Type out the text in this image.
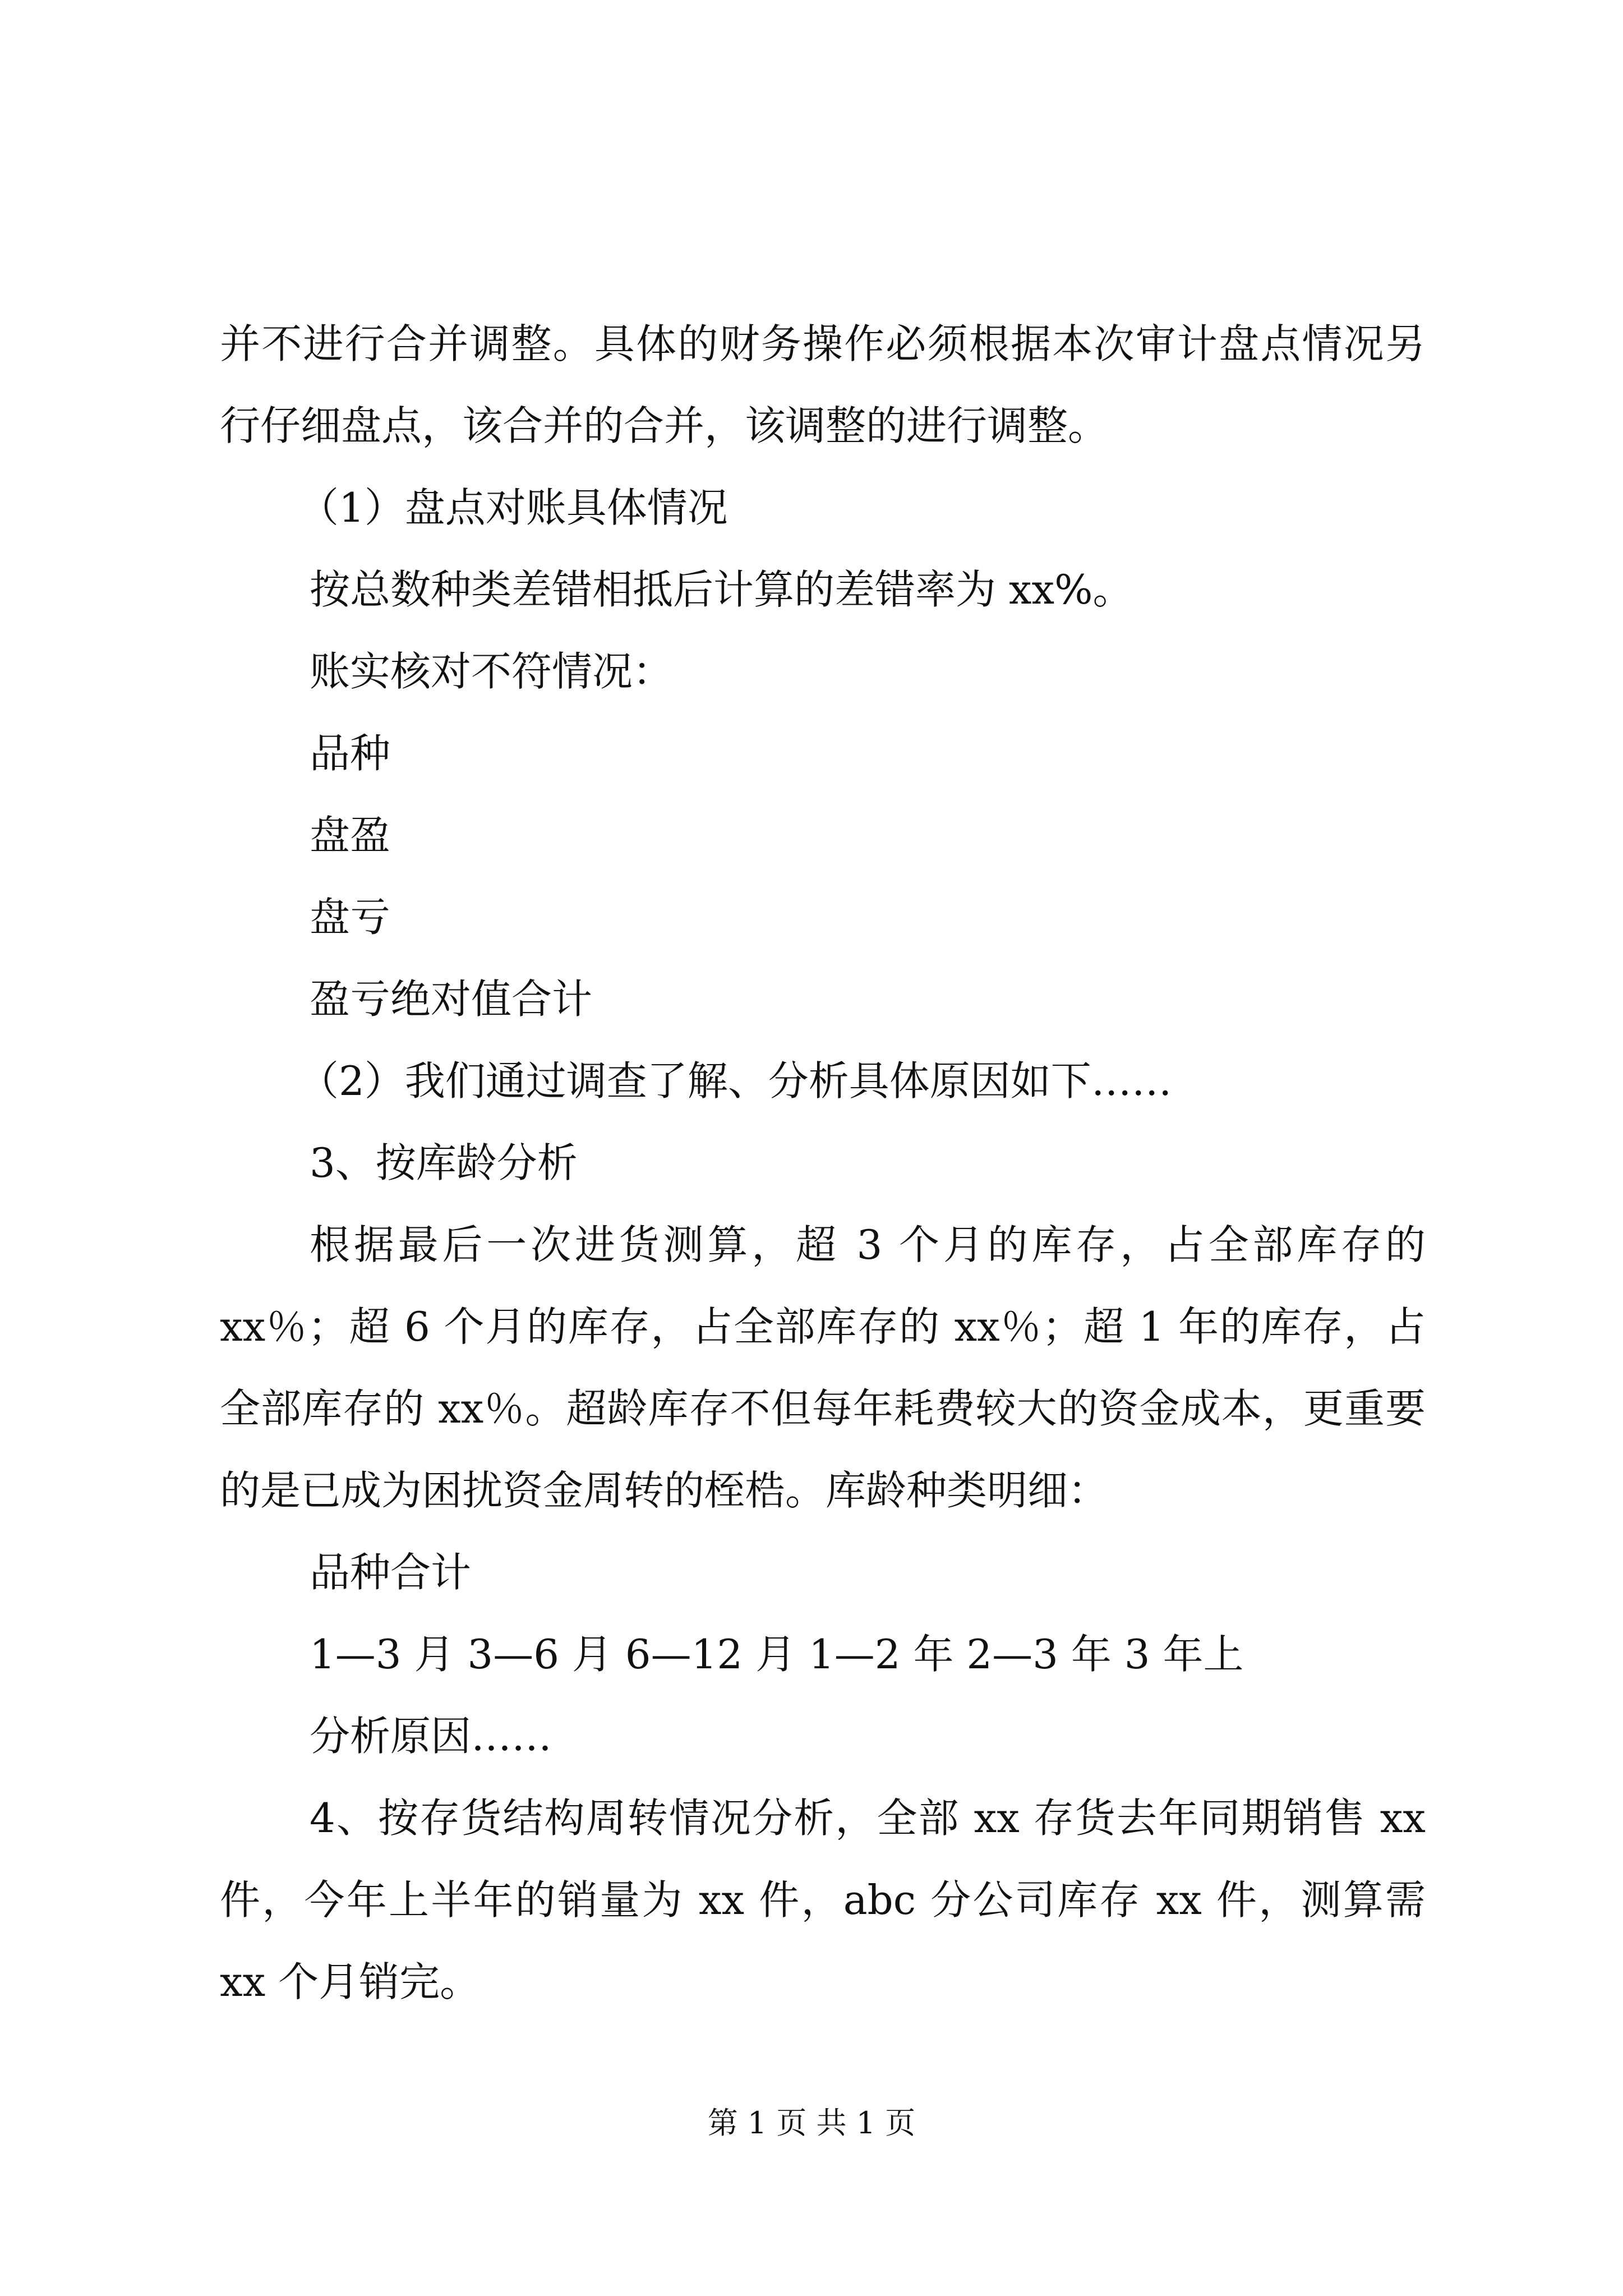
并不进行合并调整。具体的财务操作必须根据本次审计盘点情况另行仔细盘点，该合并的合并，该调整的进行调整。

（1）盘点对账具体情况

按总数种类差错相抵后计算的差错率为 xx%。

账实核对不符情况：

品种

盘盈

盘亏

盈亏绝对值合计

（2）我们通过调查了解、分析具体原因如下……

3、按库龄分析

根据最后一次进货测算，超 3 个月的库存，占全部库存的 xx％；超 6 个月的库存，占全部库存的 xx％；超 1 年的库存，占全部库存的 xx％。超龄库存不但每年耗费较大的资金成本，更重要的是已成为困扰资金周转的桎梏。库龄种类明细：

品种合计

1—3 月 3—6 月 6—12 月 1—2 年 2—3 年 3 年上

分析原因……

4、按存货结构周转情况分析，全部 xx 存货去年同期销售 xx 件，今年上半年的销量为 xx 件，abc 分公司库存 xx 件，测算需 xx 个月销完。

第 1 页 共 1 页
